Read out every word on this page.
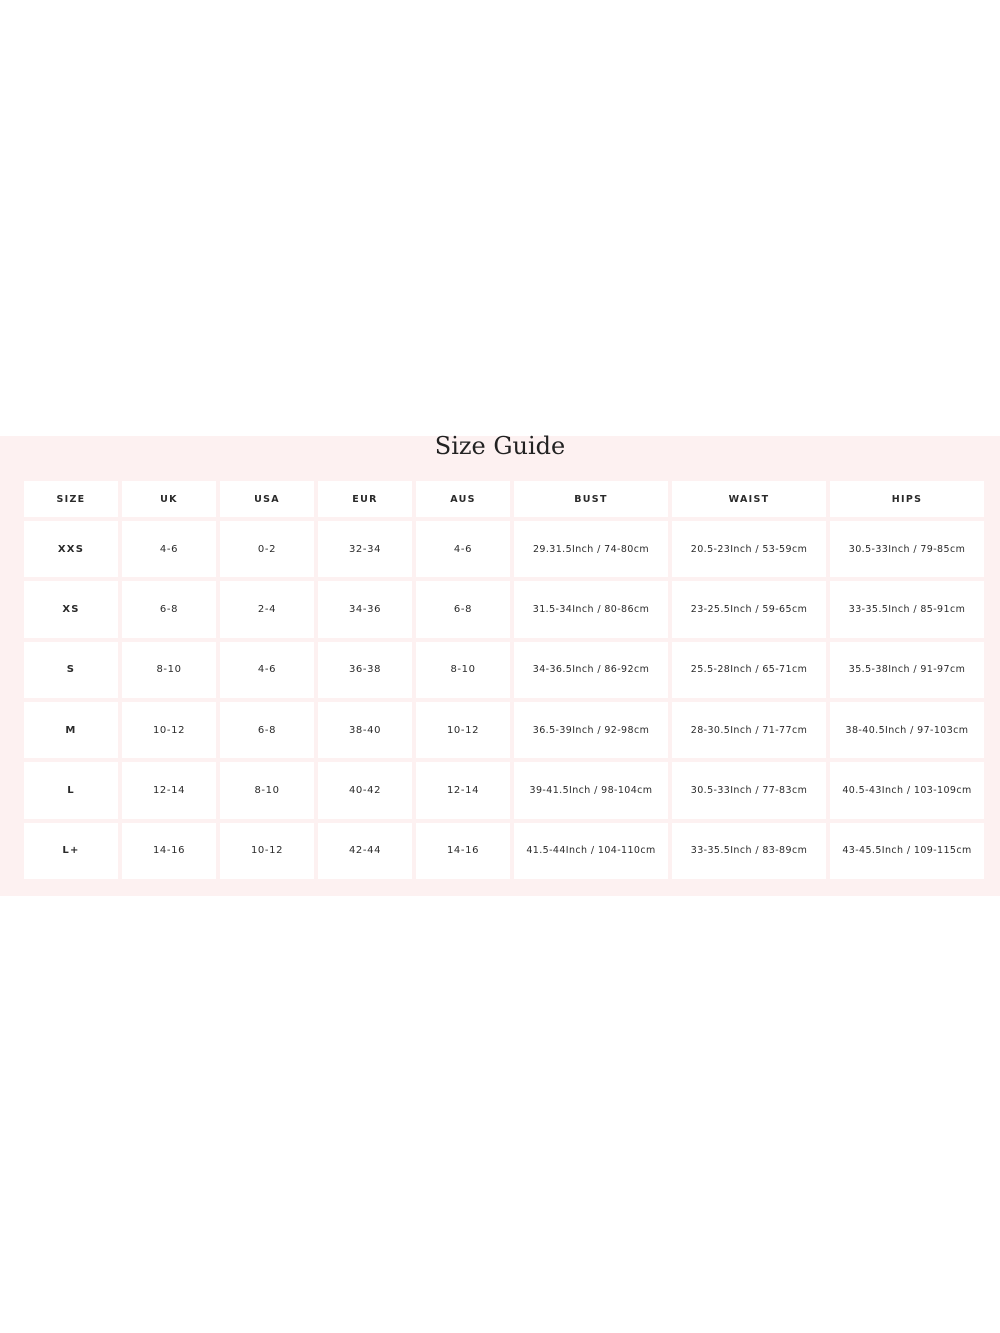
Size Guide
SIZE	UK	USA	EUR	AUS	BUST	WAIST	HIPS
XXS	4-6	0-2	32-34	4-6	29.31.5Inch / 74-80cm	20.5-23Inch / 53-59cm	30.5-33Inch / 79-85cm
XS	6-8	2-4	34-36	6-8	31.5-34Inch / 80-86cm	23-25.5Inch / 59-65cm	33-35.5Inch / 85-91cm
S	8-10	4-6	36-38	8-10	34-36.5Inch / 86-92cm	25.5-28Inch / 65-71cm	35.5-38Inch / 91-97cm
M	10-12	6-8	38-40	10-12	36.5-39Inch / 92-98cm	28-30.5Inch / 71-77cm	38-40.5Inch / 97-103cm
L	12-14	8-10	40-42	12-14	39-41.5Inch / 98-104cm	30.5-33Inch / 77-83cm	40.5-43Inch / 103-109cm
L+	14-16	10-12	42-44	14-16	41.5-44Inch / 104-110cm	33-35.5Inch / 83-89cm	43-45.5Inch / 109-115cm
